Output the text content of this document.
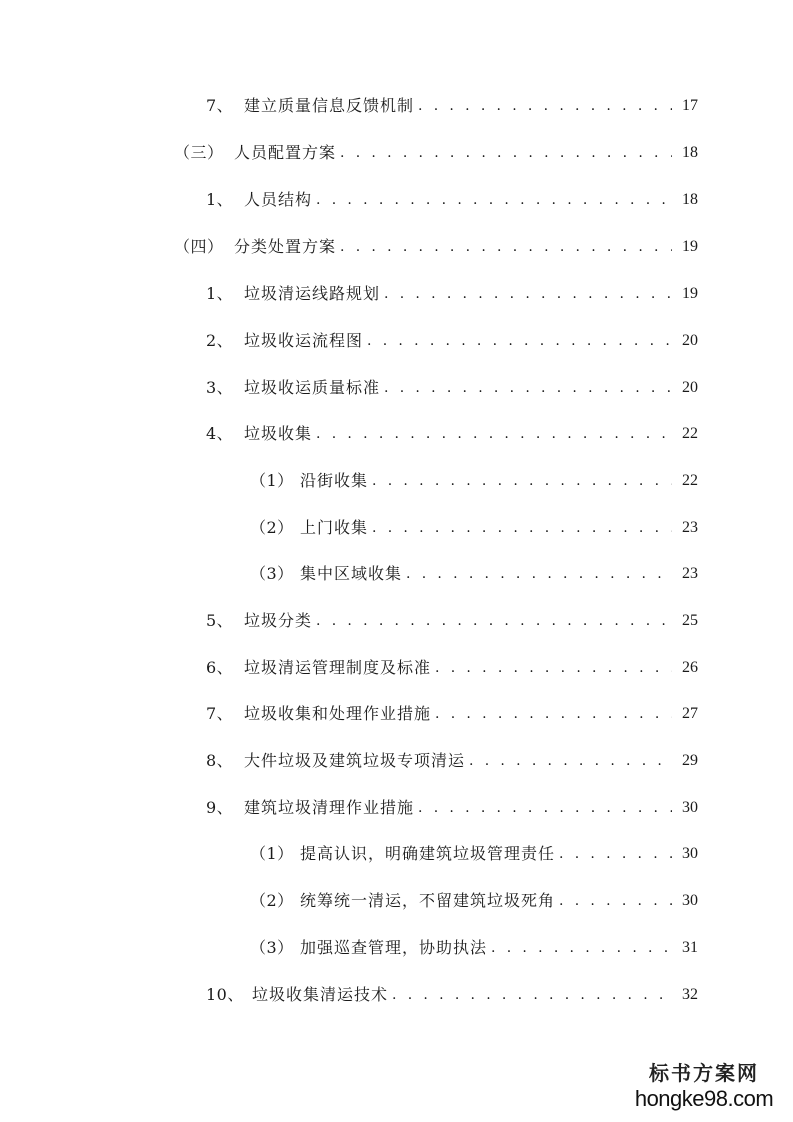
7、 建立质量信息反馈机制 . . .	17
（三） 人员配置方案 . . .	18
1、 人员结构 . . .	18
（四） 分类处置方案 . . .	19
1、 垃圾清运线路规划 . . .	19
2、 垃圾收运流程图 . . .	20
3、 垃圾收运质量标准 . . .	20
4、 垃圾收集 . . .	22
（1） 沿街收集 . . .	22
（2） 上门收集 . . .	23
（3） 集中区域收集 . . .	23
5、 垃圾分类 . . .	25
6、 垃圾清运管理制度及标准 . . .	26
7、 垃圾收集和处理作业措施 . . .	27
8、 大件垃圾及建筑垃圾专项清运 . . .	29
9、 建筑垃圾清理作业措施 . . .	30
（1） 提高认识，明确建筑垃圾管理责任 . . .	30
（2） 统筹统一清运，不留建筑垃圾死角 . . .	30
（3） 加强巡查管理，协助执法 . . .	31
10、 垃圾收集清运技术 . . .	32
标书方案网
hongke98.com
